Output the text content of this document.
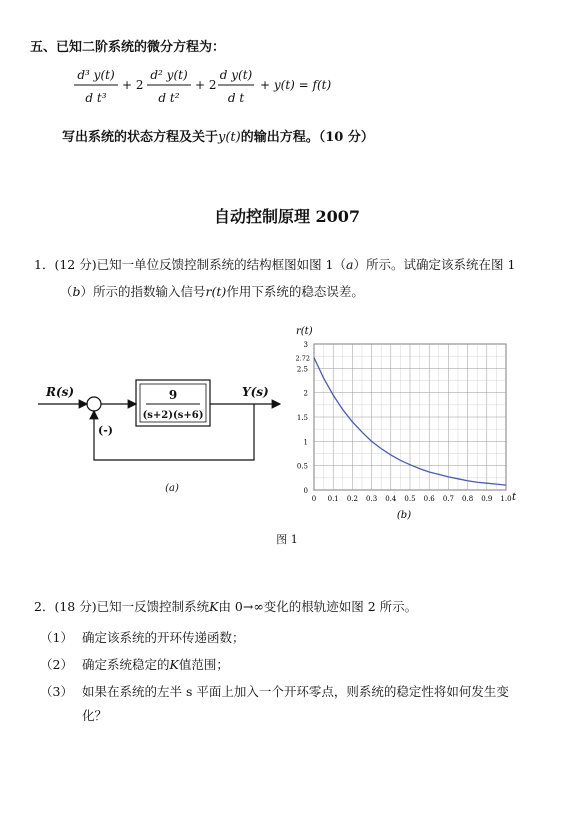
五、已知二阶系统的微分方程为：
d³ y(t)
d t³
+ 2
d² y(t)
d t²
+ 2
d y(t)
d t
+ y(t) = f(t)
写出系统的状态方程及关于y(t)的输出方程。（10 分）
自动控制原理 2007
1．(12 分)已知一单位反馈控制系统的结构框图如图 1（a）所示。试确定该系统在图 1
（b）所示的指数输入信号r(t)作用下系统的稳态误差。
R(s)	Y(s)
9
(s+2)(s+6)
(-)
(a)	0
0.5
1
1.5
2
2.5
3
2.72
0 0.1 0.2 0.3 0.4 0.5 0.6 0.7 0.8 0.9 1.0
r(t)
t
(b)
图 1
2．(18 分)已知一反馈控制系统K由 0→∞变化的根轨迹如图 2 所示。
（1） 确定该系统的开环传递函数；
（2） 确定系统稳定的K值范围；
（3） 如果在系统的左半 s 平面上加入一个开环零点，则系统的稳定性将如何发生变
化？
